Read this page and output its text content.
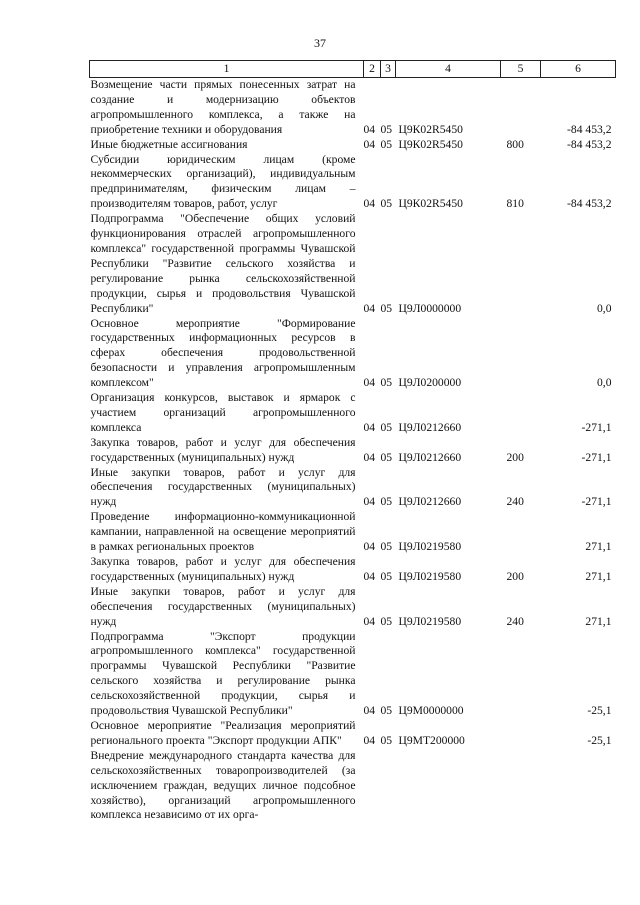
37
1	2	3	4	5	6
Возмещение части прямых понесенных затрат на создание и модернизацию объектов агропромышленного комплекса, а также на приобретение техники и оборудования	04	05	Ц9К02R5450		-84 453,2
Иные бюджетные ассигнования	04	05	Ц9К02R5450	800	-84 453,2
Субсидии юридическим лицам (кроме некоммерческих организаций), индивидуальным предпринимателям, физическим лицам – производителям товаров, работ, услуг	04	05	Ц9К02R5450	810	-84 453,2
Подпрограмма "Обеспечение общих условий функционирования отраслей агропромышленного комплекса" государственной программы Чувашской Республики "Развитие сельского хозяйства и регулирование рынка сельскохозяйственной продукции, сырья и продовольствия Чувашской Республики"	04	05	Ц9Л0000000		0,0
Основное мероприятие "Формирование государственных информационных ресурсов в сферах обеспечения продовольственной безопасности и управления агропромышленным комплексом"	04	05	Ц9Л0200000		0,0
Организация конкурсов, выставок и ярмарок с участием организаций агропромышленного комплекса	04	05	Ц9Л0212660		-271,1
Закупка товаров, работ и услуг для обеспечения государственных (муниципальных) нужд	04	05	Ц9Л0212660	200	-271,1
Иные закупки товаров, работ и услуг для обеспечения государственных (муниципальных) нужд	04	05	Ц9Л0212660	240	-271,1
Проведение информационно-коммуникационной кампании, направленной на освещение мероприятий в рамках региональных проектов	04	05	Ц9Л0219580		271,1
Закупка товаров, работ и услуг для обеспечения государственных (муниципальных) нужд	04	05	Ц9Л0219580	200	271,1
Иные закупки товаров, работ и услуг для обеспечения государственных (муниципальных) нужд	04	05	Ц9Л0219580	240	271,1
Подпрограмма "Экспорт продукции агропромышленного комплекса" государственной программы Чувашской Республики "Развитие сельского хозяйства и регулирование рынка сельскохозяйственной продукции, сырья и продовольствия Чувашской Республики"	04	05	Ц9М0000000		-25,1
Основное мероприятие "Реализация мероприятий регионального проекта "Экспорт продукции АПК"	04	05	Ц9МТ200000		-25,1
Внедрение международного стандарта качества для сельскохозяйственных товаропроизводителей (за исключением граждан, ведущих личное подсобное хозяйство), организаций агропромышленного комплекса независимо от их орга-					
